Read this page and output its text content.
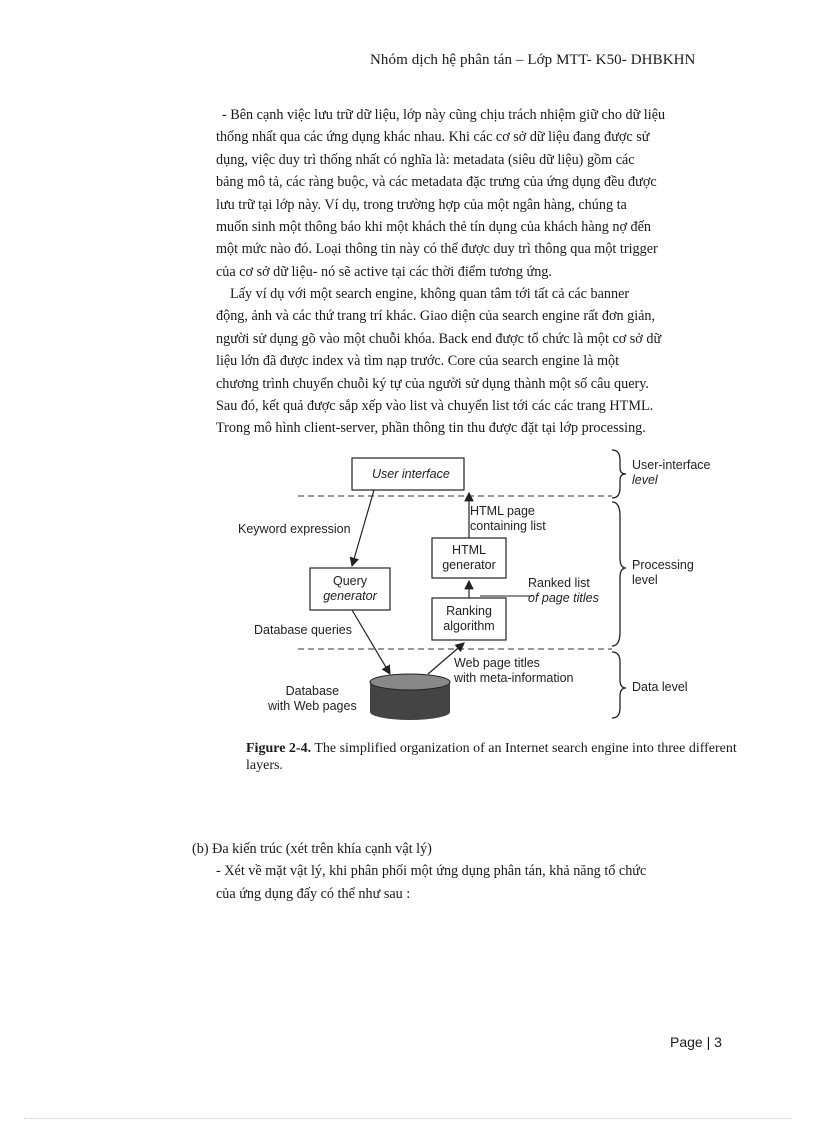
Nhóm dịch hệ phân tán – Lớp MTT- K50- DHBKHN
- Bên cạnh việc lưu trữ dữ liệu, lớp này cũng chịu trách nhiệm giữ cho dữ liệu
thống nhất qua các ứng dụng khác nhau. Khi các cơ sở dữ liệu đang được sử
dụng, việc duy trì thống nhất có nghĩa là: metadata (siêu dữ liệu) gồm các
bảng mô tả, các ràng buộc, và các metadata đặc trưng của ứng dụng đều được
lưu trữ tại lớp này. Ví dụ, trong trường hợp của một ngân hàng, chúng ta
muốn sinh một thông báo khi một khách thẻ tín dụng của khách hàng nợ đến
một mức nào đó. Loại thông tin này có thể được duy trì thông qua một trigger
của cơ sở dữ liệu- nó sẽ active tại các thời điểm tương ứng.
Lấy ví dụ với một search engine, không quan tâm tới tất cả các banner
động, ảnh và các thứ trang trí khác. Giao diện của search engine rất đơn giản,
người sử dụng gõ vào một chuỗi khóa. Back end được tổ chức là một cơ sở dữ
liệu lớn đã được index và tìm nạp trước. Core của search engine là một
chương trình chuyển chuỗi ký tự của người sử dụng thành một số câu query.
Sau đó, kết quả được sắp xếp vào list và chuyển list tới các các trang HTML.
Trong mô hình client-server, phần thông tin thu được đặt tại lớp processing.
User interface
User-interface
level
Keyword expression
HTML page
containing list
HTML
generator	Processing
level
Query
generator
Ranked list
of page titles
Ranking
algorithm
Database queries
Web page titles
with meta-information
Data level
Database
with Web pages
Figure 2-4. The simplified organization of an Internet search engine into three different layers.
(b) Đa kiến trúc (xét trên khía cạnh vật lý)
- Xét về mặt vật lý, khi phân phối một ứng dụng phân tán, khả năng tổ chức
của ứng dụng đấy có thể như sau :
Page | 3
